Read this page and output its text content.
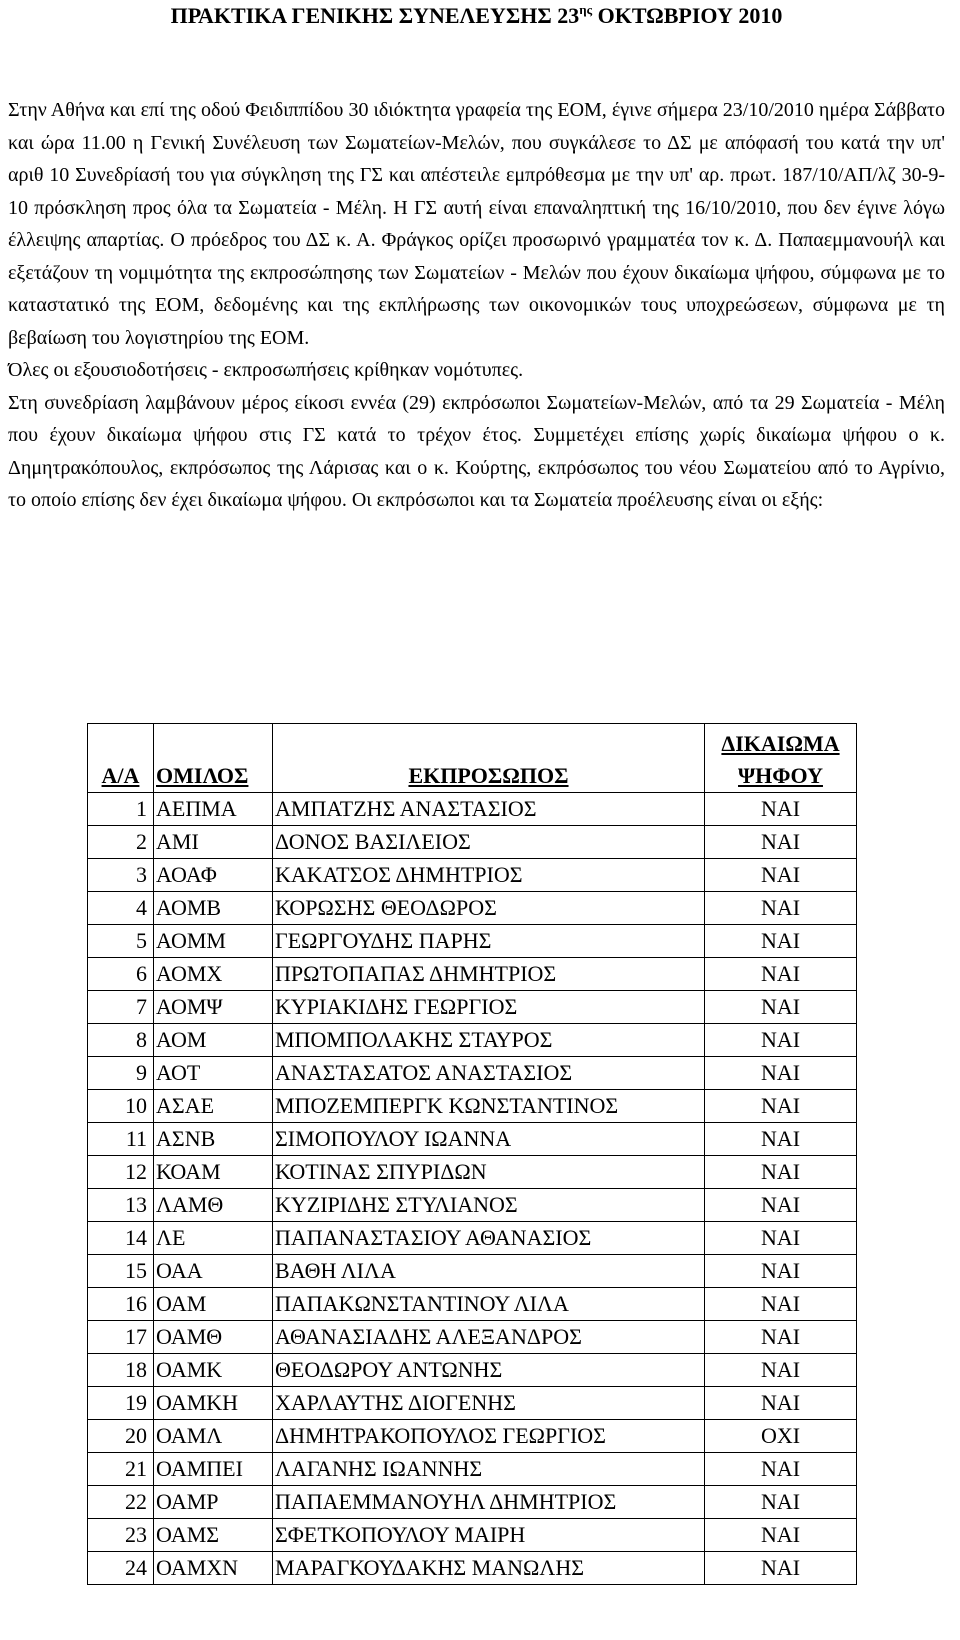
ΠΡΑΚΤΙΚΑ ΓΕΝΙΚΗΣ ΣΥΝΕΛΕΥΣΗΣ $23^{\eta\varsigma}$ ΟΚΤΩΒΡΙΟΥ 2010

Στην Αθήνα και επί της οδού Φειδιππίδου 30 ιδιόκτητα γραφεία της ΕΟΜ, έγινε σήμερα 23/10/2010 ημέρα Σάββατο και ώρα 11.00 η Γενική Συνέλευση των Σωματείων-Μελών, που συγκάλεσε το ΔΣ με απόφασή του κατά την υπ' αριθ 10 Συνεδρίασή του για σύγκληση της ΓΣ και απέστειλε εμπρόθεσμα με την υπ' αρ. πρωτ. 187/10/ΑΠ/λζ 30-9-10 πρόσκληση προς όλα τα Σωματεία - Μέλη. Η ΓΣ αυτή είναι επαναληπτική της 16/10/2010, που δεν έγινε λόγω έλλειψης απαρτίας. Ο πρόεδρος του ΔΣ κ. Α. Φράγκος ορίζει προσωρινό γραμματέα τον κ. Δ. Παπαεμμανουήλ και εξετάζουν τη νομιμότητα της εκπροσώπησης των Σωματείων - Μελών που έχουν δικαίωμα ψήφου, σύμφωνα με το καταστατικό της ΕΟΜ, δεδομένης και της εκπλήρωσης των οικονομικών τους υποχρεώσεων, σύμφωνα με τη βεβαίωση του λογιστηρίου της ΕΟΜ.

Όλες οι εξουσιοδοτήσεις - εκπροσωπήσεις κρίθηκαν νομότυπες.

Στη συνεδρίαση λαμβάνουν μέρος είκοσι εννέα (29) εκπρόσωποι Σωματείων-Μελών, από τα 29 Σωματεία - Μέλη που έχουν δικαίωμα ψήφου στις ΓΣ κατά το τρέχον έτος. Συμμετέχει επίσης χωρίς δικαίωμα ψήφου ο κ. Δημητρακόπουλος, εκπρόσωπος της Λάρισας και ο κ. Κούρτης, εκπρόσωπος του νέου Σωματείου από το Αγρίνιο, το οποίο επίσης δεν έχει δικαίωμα ψήφου. Οι εκπρόσωποι και τα Σωματεία προέλευσης είναι οι εξής:

Α/Α	ΟΜΙΛΟΣ	ΕΚΠΡΟΣΩΠΟΣ	ΔΙΚΑΙΩΜΑ
ΨΗΦΟΥ
1	ΑΕΠΜΑ	ΑΜΠΑΤΖΗΣ ΑΝΑΣΤΑΣΙΟΣ	ΝΑΙ
2	ΑΜΙ	ΔΟΝΟΣ ΒΑΣΙΛΕΙΟΣ	ΝΑΙ
3	ΑΟΑΦ	ΚΑΚΑΤΣΟΣ ΔΗΜΗΤΡΙΟΣ	ΝΑΙ
4	ΑΟΜΒ	ΚΟΡΩΣΗΣ ΘΕΟΔΩΡΟΣ	ΝΑΙ
5	ΑΟΜΜ	ΓΕΩΡΓΟΥΔΗΣ ΠΑΡΗΣ	ΝΑΙ
6	ΑΟΜΧ	ΠΡΩΤΟΠΑΠΑΣ ΔΗΜΗΤΡΙΟΣ	ΝΑΙ
7	ΑΟΜΨ	ΚΥΡΙΑΚΙΔΗΣ ΓΕΩΡΓΙΟΣ	ΝΑΙ
8	ΑΟΜ	ΜΠΟΜΠΟΛΑΚΗΣ ΣΤΑΥΡΟΣ	ΝΑΙ
9	ΑΟΤ	ΑΝΑΣΤΑΣΑΤΟΣ ΑΝΑΣΤΑΣΙΟΣ	ΝΑΙ
10	ΑΣΑΕ	ΜΠΟΖΕΜΠΕΡΓΚ ΚΩΝΣΤΑΝΤΙΝΟΣ	ΝΑΙ
11	ΑΣΝΒ	ΣΙΜΟΠΟΥΛΟΥ ΙΩΑΝΝΑ	ΝΑΙ
12	ΚΟΑΜ	ΚΟΤΙΝΑΣ ΣΠΥΡΙΔΩΝ	ΝΑΙ
13	ΛΑΜΘ	ΚΥΖΙΡΙΔΗΣ ΣΤΥΛΙΑΝΟΣ	ΝΑΙ
14	ΛΕ	ΠΑΠΑΝΑΣΤΑΣΙΟΥ ΑΘΑΝΑΣΙΟΣ	ΝΑΙ
15	ΟΑΑ	ΒΑΘΗ ΛΙΛΑ	ΝΑΙ
16	ΟΑΜ	ΠΑΠΑΚΩΝΣΤΑΝΤΙΝΟΥ ΛΙΛΑ	ΝΑΙ
17	ΟΑΜΘ	ΑΘΑΝΑΣΙΑΔΗΣ ΑΛΕΞΑΝΔΡΟΣ	ΝΑΙ
18	ΟΑΜΚ	ΘΕΟΔΩΡΟΥ ΑΝΤΩΝΗΣ	ΝΑΙ
19	ΟΑΜΚΗ	ΧΑΡΛΑΥΤΗΣ ΔΙΟΓΕΝΗΣ	ΝΑΙ
20	ΟΑΜΛ	ΔΗΜΗΤΡΑΚΟΠΟΥΛΟΣ ΓΕΩΡΓΙΟΣ	ΟΧΙ
21	ΟΑΜΠΕΙ	ΛΑΓΑΝΗΣ ΙΩΑΝΝΗΣ	ΝΑΙ
22	ΟΑΜΡ	ΠΑΠΑΕΜΜΑΝΟΥΗΛ ΔΗΜΗΤΡΙΟΣ	ΝΑΙ
23	ΟΑΜΣ	ΣΦΕΤΚΟΠΟΥΛΟΥ ΜΑΙΡΗ	ΝΑΙ
24	ΟΑΜΧΝ	ΜΑΡΑΓΚΟΥΔΑΚΗΣ ΜΑΝΩΛΗΣ	ΝΑΙ
